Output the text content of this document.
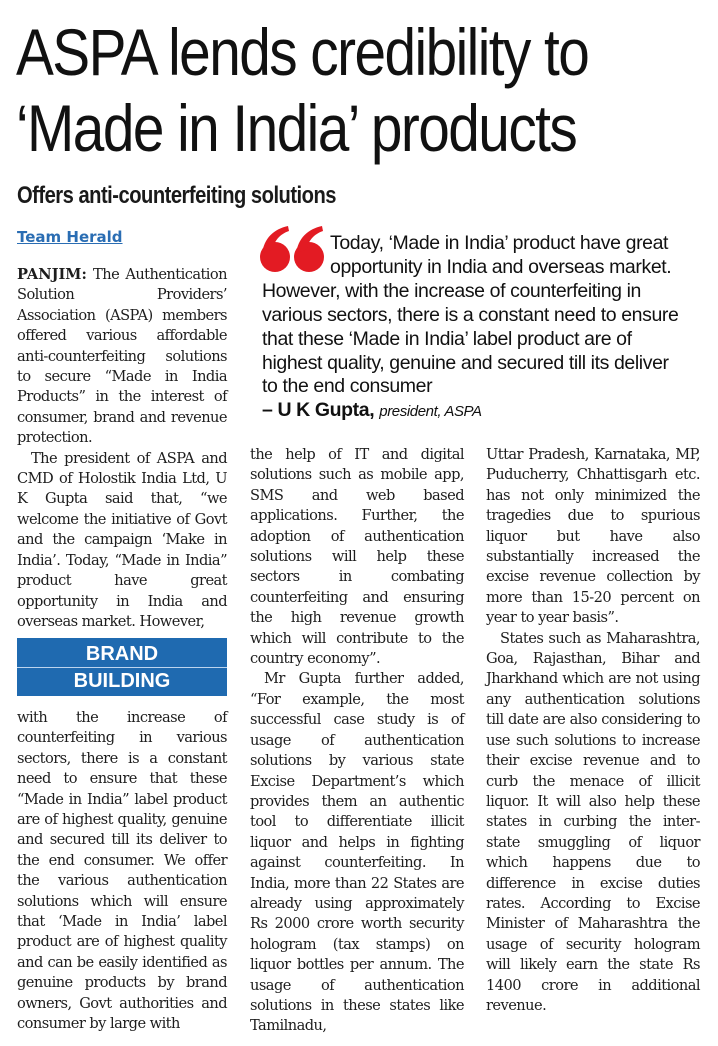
ASPA lends credibility to
‘Made in India’ products
Offers anti-counterfeiting solutions
Team Herald	Today, ‘Made in India’ product have great
opportunity in India and overseas market.
However, with the increase of counterfeiting in
various sectors, there is a constant need to ensure
that these ‘Made in India’ label product are of
highest quality, genuine and secured till its deliver
to the end consumer
– U K Gupta, president, ASPA

PANJIM: The Authentication Solution Providers’ Association (ASPA) members offered various affordable anti-counterfeiting solutions to secure “Made in India Products” in the interest of consumer, brand and revenue protection.

The president of ASPA and CMD of Holostik India Ltd, U K Gupta said that, “we welcome the initiative of Govt and the campaign ‘Make in India’. Today, “Made in India” product have great opportunity in India and overseas market. However,

BRAND
BUILDING

with the increase of counterfeiting in various sectors, there is a constant need to ensure that these “Made in India” label product are of highest quality, genuine and secured till its deliver to the end consumer. We offer the various authentication solutions which will ensure that ‘Made in India’ label product are of highest quality and can be easily identified as genuine products by brand owners, Govt authorities and consumer by large with

the help of IT and digital solutions such as mobile app, SMS and web based applications. Further, the adoption of authentication solutions will help these sectors in combating counterfeiting and ensuring the high revenue growth which will contribute to the country economy”.

Mr Gupta further added, “For example, the most successful case study is of usage of authentication solutions by various state Excise Department’s which provides them an authentic tool to differentiate illicit liquor and helps in fighting against counterfeiting. In India, more than 22 States are already using approximately Rs 2000 crore worth security hologram (tax stamps) on liquor bottles per annum. The usage of authentication solutions in these states like Tamilnadu,

Uttar Pradesh, Karnataka, MP, Puducherry, Chhattisgarh etc. has not only minimized the tragedies due to spurious liquor but have also substantially increased the excise revenue collection by more than 15-20 percent on year to year basis”.

States such as Maharashtra, Goa, Rajasthan, Bihar and Jharkhand which are not using any authentication solutions till date are also considering to use such solutions to increase their excise revenue and to curb the menace of illicit liquor. It will also help these states in curbing the inter-state smuggling of liquor which happens due to difference in excise duties rates. According to Excise Minister of Maharashtra the usage of security hologram will likely earn the state Rs 1400 crore in additional revenue.
